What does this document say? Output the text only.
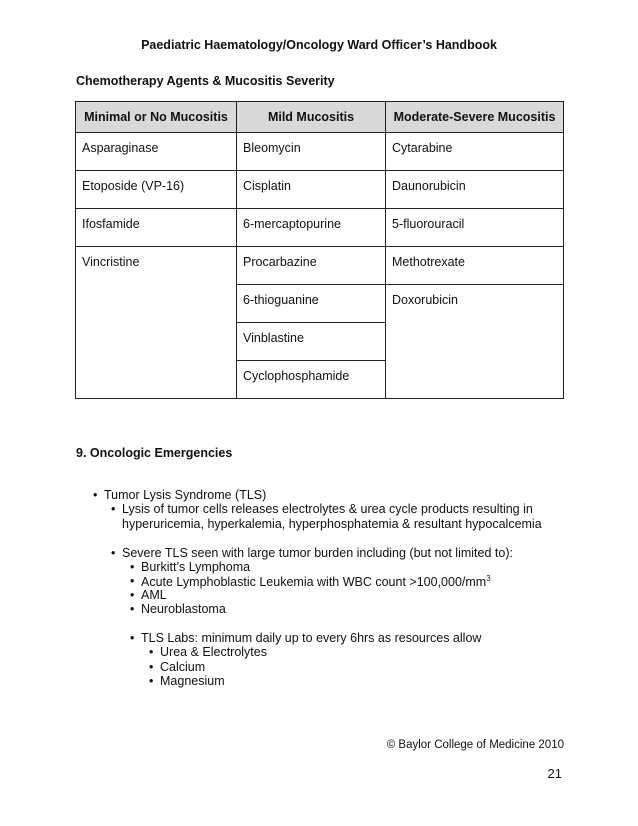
Paediatric Haematology/Oncology Ward Officer’s Handbook
Chemotherapy Agents & Mucositis Severity
Minimal or No Mucositis	Mild Mucositis	Moderate-Severe Mucositis
Asparaginase	Bleomycin	Cytarabine
Etoposide (VP-16)	Cisplatin	Daunorubicin
Ifosfamide	6-mercaptopurine	5-fluorouracil
Vincristine	Procarbazine	Methotrexate
	6-thioguanine	Doxorubicin
	Vinblastine	
	Cyclophosphamide	
9. Oncologic Emergencies
• Tumor Lysis Syndrome (TLS)
• Lysis of tumor cells releases electrolytes & urea cycle products resulting in
hyperuricemia, hyperkalemia, hyperphosphatemia & resultant hypocalcemia
• Severe TLS seen with large tumor burden including (but not limited to):
• Burkitt’s Lymphoma
• Acute Lymphoblastic Leukemia with WBC count $>100,000/mm^3$
• AML
• Neuroblastoma
• TLS Labs: minimum daily up to every 6hrs as resources allow
• Urea & Electrolytes
• Calcium
• Magnesium
© Baylor College of Medicine 2010
21
